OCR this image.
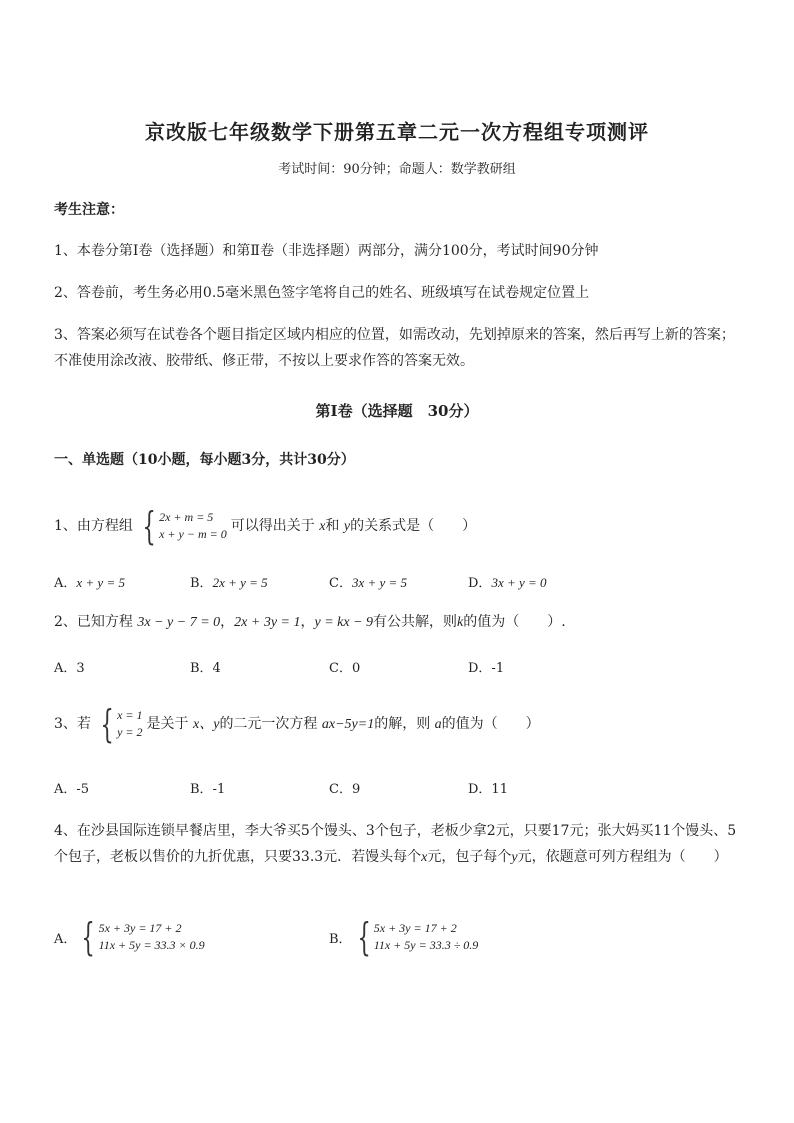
京改版七年级数学下册第五章二元一次方程组专项测评
考试时间：90分钟；命题人：数学教研组
考生注意：
1、本卷分第Ⅰ卷（选择题）和第Ⅱ卷（非选择题）两部分，满分100分，考试时间90分钟
2、答卷前，考生务必用0.5毫米黑色签字笔将自己的姓名、班级填写在试卷规定位置上
3、答案必须写在试卷各个题目指定区域内相应的位置，如需改动，先划掉原来的答案，然后再写上新的答案；不准使用涂改液、胶带纸、修正带，不按以上要求作答的答案无效。
第Ⅰ卷（选择题　30分）
一、单选题（10小题，每小题3分，共计30分）
1、由方程组 { 2x + m = 5
x + y − m = 0 可以得出关于 x和 y的关系式是（　　）
A．x + y = 5	B．2x + y = 5	C．3x + y = 5	D．3x + y = 0
2、已知方程 3x − y − 7 = 0，2x + 3y = 1，y = kx − 9有公共解，则k的值为（　　）.
A．3	B．4	C．0	D．-1
3、若 { x = 1
y = 2 是关于 x、y的二元一次方程 ax−5y=1的解，则 a的值为（　　）
A．-5	B．-1	C．9	D．11
4、在沙县国际连锁早餐店里，李大爷买5个馒头、3个包子，老板少拿2元，只要17元；张大妈买11个馒头、5个包子，老板以售价的九折优惠，只要33.3元．若馒头每个x元，包子每个y元，依题意可列方程组为（　　）
A． { 5x + 3y = 17 + 2
11x + 5y = 33.3 × 0.9	B． { 5x + 3y = 17 + 2
11x + 5y = 33.3 ÷ 0.9
